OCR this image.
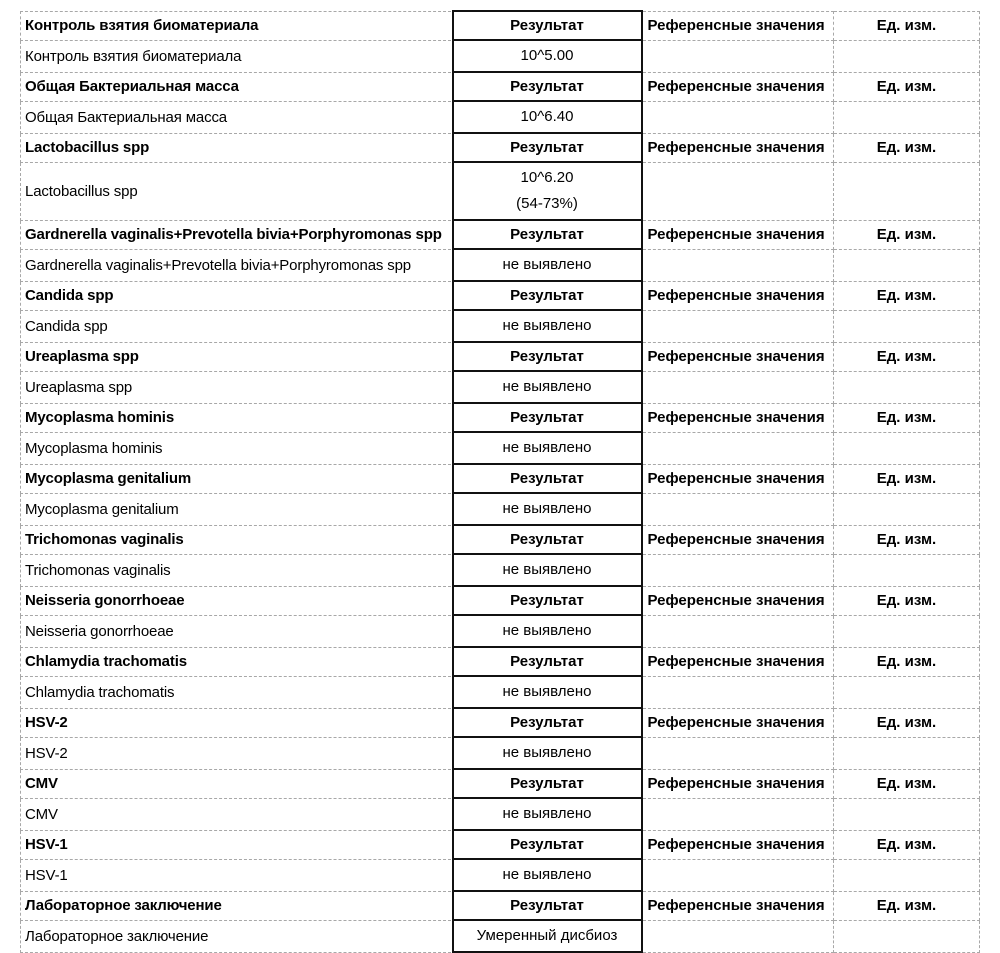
Контроль взятия биоматериала		Результат	Референсные значения	Ед. изм.
Контроль взятия биоматериала		10^5.00		

Общая Бактериальная масса		Результат	Референсные значения	Ед. изм.
Общая Бактериальная масса		10^6.40		

Lactobacillus spp		Результат	Референсные значения	Ед. изм.
Lactobacillus spp		10^6.20
(54-73%)		

Gardnerella vaginalis+Prevotella bivia+Porphyromonas spp		Результат	Референсные значения	Ед. изм.
Gardnerella vaginalis+Prevotella bivia+Porphyromonas spp		не выявлено		

Candida spp		Результат	Референсные значения	Ед. изм.
Candida spp		не выявлено		

Ureaplasma spp		Результат	Референсные значения	Ед. изм.
Ureaplasma spp		не выявлено		

Mycoplasma hominis		Результат	Референсные значения	Ед. изм.
Mycoplasma hominis		не выявлено		

Mycoplasma genitalium		Результат	Референсные значения	Ед. изм.
Mycoplasma genitalium		не выявлено		

Trichomonas vaginalis		Результат	Референсные значения	Ед. изм.
Trichomonas vaginalis		не выявлено		

Neisseria gonorrhoeae		Результат	Референсные значения	Ед. изм.
Neisseria gonorrhoeae		не выявлено		

Chlamydia trachomatis		Результат	Референсные значения	Ед. изм.
Chlamydia trachomatis		не выявлено		

HSV-2		Результат	Референсные значения	Ед. изм.
HSV-2		не выявлено		

CMV		Результат	Референсные значения	Ед. изм.
CMV		не выявлено		

HSV-1		Результат	Референсные значения	Ед. изм.
HSV-1		не выявлено		

Лабораторное заключение		Результат	Референсные значения	Ед. изм.
Лабораторное заключение		Умеренный дисбиоз		
